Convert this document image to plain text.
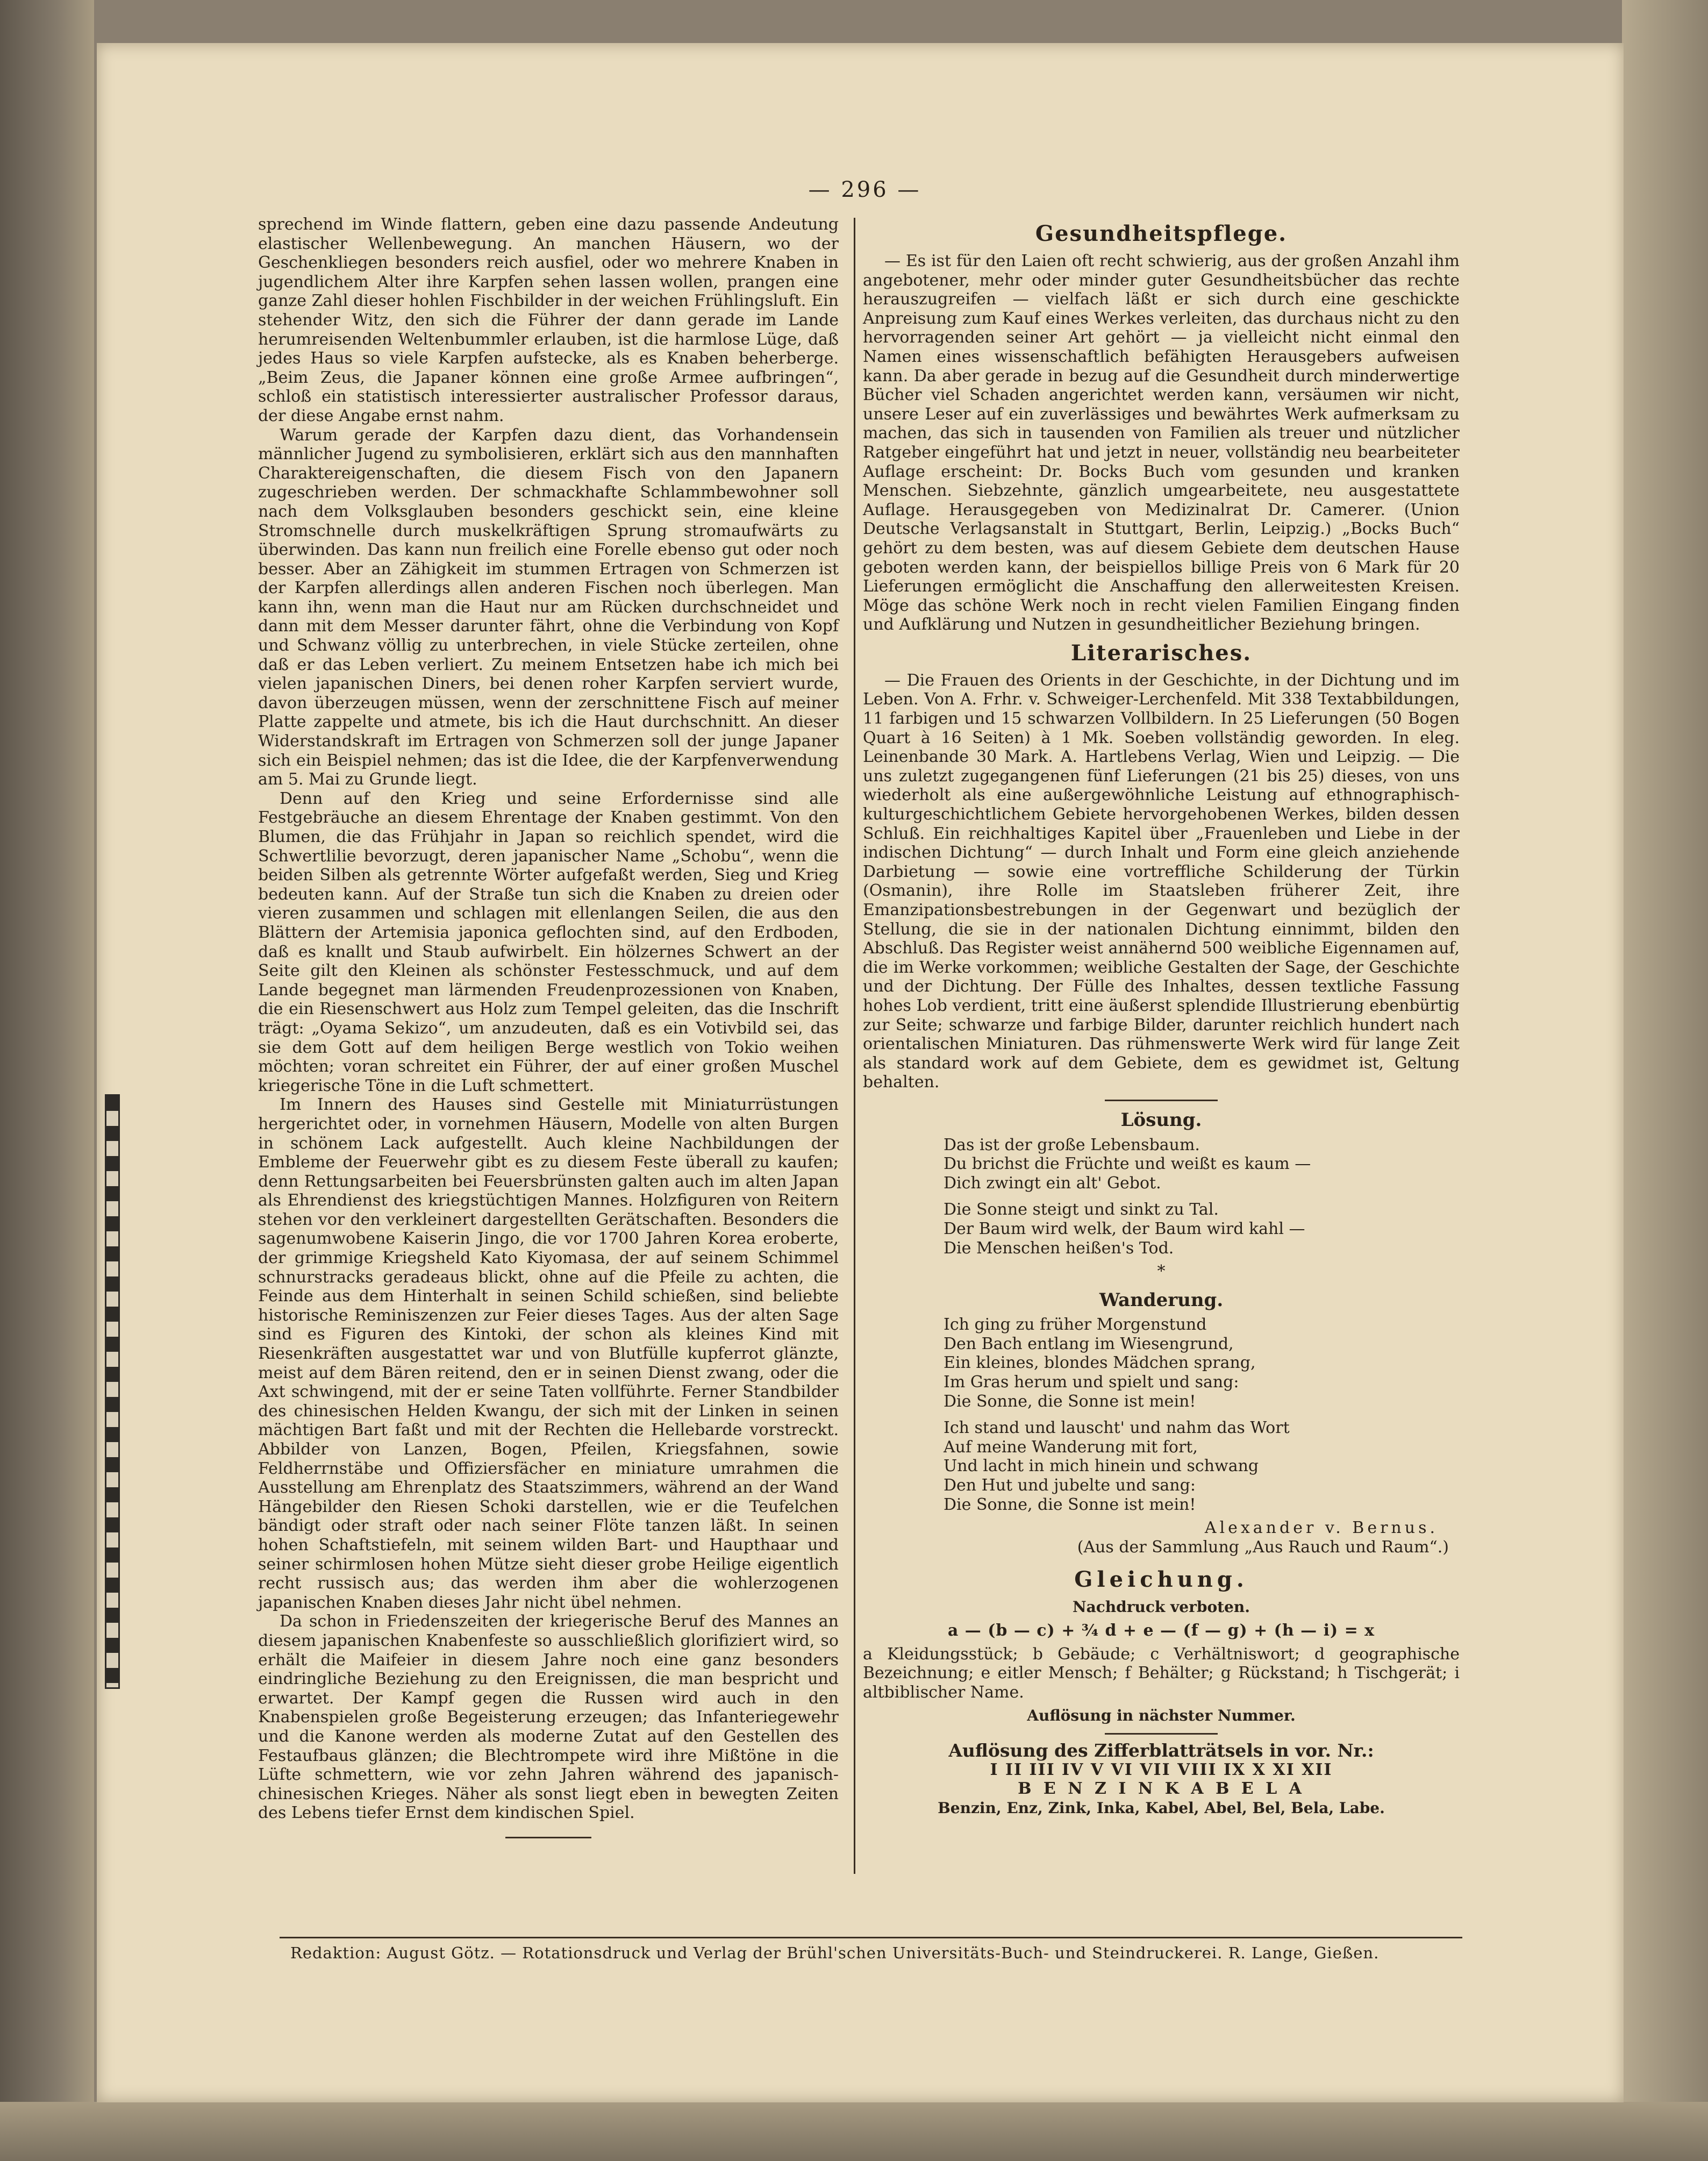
— 296 —

sprechend im Winde flattern, geben eine dazu passende Andeutung elastischer Wellenbewegung. An manchen Häusern, wo der Geschenkliegen besonders reich ausfiel, oder wo mehrere Knaben in jugendlichem Alter ihre Karpfen sehen lassen wollen, prangen eine ganze Zahl dieser hohlen Fischbilder in der weichen Frühlingsluft. Ein stehender Witz, den sich die Führer der dann gerade im Lande herumreisenden Weltenbummler erlauben, ist die harmlose Lüge, daß jedes Haus so viele Karpfen aufstecke, als es Knaben beherberge. „Beim Zeus, die Japaner können eine große Armee aufbringen“, schloß ein statistisch interessierter australischer Professor daraus, der diese Angabe ernst nahm.

Warum gerade der Karpfen dazu dient, das Vorhandensein männlicher Jugend zu symbolisieren, erklärt sich aus den mannhaften Charaktereigenschaften, die diesem Fisch von den Japanern zugeschrieben werden. Der schmackhafte Schlammbewohner soll nach dem Volksglauben besonders geschickt sein, eine kleine Stromschnelle durch muskelkräftigen Sprung stromaufwärts zu überwinden. Das kann nun freilich eine Forelle ebenso gut oder noch besser. Aber an Zähigkeit im stummen Ertragen von Schmerzen ist der Karpfen allerdings allen anderen Fischen noch überlegen. Man kann ihn, wenn man die Haut nur am Rücken durchschneidet und dann mit dem Messer darunter fährt, ohne die Verbindung von Kopf und Schwanz völlig zu unterbrechen, in viele Stücke zerteilen, ohne daß er das Leben verliert. Zu meinem Entsetzen habe ich mich bei vielen japanischen Diners, bei denen roher Karpfen serviert wurde, davon überzeugen müssen, wenn der zerschnittene Fisch auf meiner Platte zappelte und atmete, bis ich die Haut durchschnitt. An dieser Widerstandskraft im Ertragen von Schmerzen soll der junge Japaner sich ein Beispiel nehmen; das ist die Idee, die der Karpfenverwendung am 5. Mai zu Grunde liegt.

Denn auf den Krieg und seine Erfordernisse sind alle Festgebräuche an diesem Ehrentage der Knaben gestimmt. Von den Blumen, die das Frühjahr in Japan so reichlich spendet, wird die Schwertlilie bevorzugt, deren japanischer Name „Schobu“, wenn die beiden Silben als getrennte Wörter aufgefaßt werden, Sieg und Krieg bedeuten kann. Auf der Straße tun sich die Knaben zu dreien oder vieren zusammen und schlagen mit ellenlangen Seilen, die aus den Blättern der Artemisia japonica geflochten sind, auf den Erdboden, daß es knallt und Staub aufwirbelt. Ein hölzernes Schwert an der Seite gilt den Kleinen als schönster Festesschmuck, und auf dem Lande begegnet man lärmenden Freudenprozessionen von Knaben, die ein Riesenschwert aus Holz zum Tempel geleiten, das die Inschrift trägt: „Oyama Sekizo“, um anzudeuten, daß es ein Votivbild sei, das sie dem Gott auf dem heiligen Berge westlich von Tokio weihen möchten; voran schreitet ein Führer, der auf einer großen Muschel kriegerische Töne in die Luft schmettert.

Im Innern des Hauses sind Gestelle mit Miniaturrüstungen hergerichtet oder, in vornehmen Häusern, Modelle von alten Burgen in schönem Lack aufgestellt. Auch kleine Nachbildungen der Embleme der Feuerwehr gibt es zu diesem Feste überall zu kaufen; denn Rettungsarbeiten bei Feuersbrünsten galten auch im alten Japan als Ehrendienst des kriegstüchtigen Mannes. Holzfiguren von Reitern stehen vor den verkleinert dargestellten Gerätschaften. Besonders die sagenumwobene Kaiserin Jingo, die vor 1700 Jahren Korea eroberte, der grimmige Kriegsheld Kato Kiyomasa, der auf seinem Schimmel schnurstracks geradeaus blickt, ohne auf die Pfeile zu achten, die Feinde aus dem Hinterhalt in seinen Schild schießen, sind beliebte historische Reminiszenzen zur Feier dieses Tages. Aus der alten Sage sind es Figuren des Kintoki, der schon als kleines Kind mit Riesenkräften ausgestattet war und von Blutfülle kupferrot glänzte, meist auf dem Bären reitend, den er in seinen Dienst zwang, oder die Axt schwingend, mit der er seine Taten vollführte. Ferner Standbilder des chinesischen Helden Kwangu, der sich mit der Linken in seinen mächtigen Bart faßt und mit der Rechten die Hellebarde vorstreckt. Abbilder von Lanzen, Bogen, Pfeilen, Kriegsfahnen, sowie Feldherrnstäbe und Offiziersfächer en miniature umrahmen die Ausstellung am Ehrenplatz des Staatszimmers, während an der Wand Hängebilder den Riesen Schoki darstellen, wie er die Teufelchen bändigt oder straft oder nach seiner Flöte tanzen läßt. In seinen hohen Schaftstiefeln, mit seinem wilden Bart- und Haupthaar und seiner schirmlosen hohen Mütze sieht dieser grobe Heilige eigentlich recht russisch aus; das werden ihm aber die wohlerzogenen japanischen Knaben dieses Jahr nicht übel nehmen.

Da schon in Friedenszeiten der kriegerische Beruf des Mannes an diesem japanischen Knabenfeste so ausschließlich glorifiziert wird, so erhält die Maifeier in diesem Jahre noch eine ganz besonders eindringliche Beziehung zu den Ereignissen, die man bespricht und erwartet. Der Kampf gegen die Russen wird auch in den Knabenspielen große Begeisterung erzeugen; das Infanteriegewehr und die Kanone werden als moderne Zutat auf den Gestellen des Festaufbaus glänzen; die Blechtrompete wird ihre Mißtöne in die Lüfte schmettern, wie vor zehn Jahren während des japanisch-chinesischen Krieges. Näher als sonst liegt eben in bewegten Zeiten des Lebens tiefer Ernst dem kindischen Spiel.

Gesundheitspflege.

— Es ist für den Laien oft recht schwierig, aus der großen Anzahl ihm angebotener, mehr oder minder guter Gesundheitsbücher das rechte herauszugreifen — vielfach läßt er sich durch eine geschickte Anpreisung zum Kauf eines Werkes verleiten, das durchaus nicht zu den hervorragenden seiner Art gehört — ja vielleicht nicht einmal den Namen eines wissenschaftlich befähigten Herausgebers aufweisen kann. Da aber gerade in bezug auf die Gesundheit durch minderwertige Bücher viel Schaden angerichtet werden kann, versäumen wir nicht, unsere Leser auf ein zuverlässiges und bewährtes Werk aufmerksam zu machen, das sich in tausenden von Familien als treuer und nützlicher Ratgeber eingeführt hat und jetzt in neuer, vollständig neu bearbeiteter Auflage erscheint: Dr. Bocks Buch vom gesunden und kranken Menschen. Siebzehnte, gänzlich umgearbeitete, neu ausgestattete Auflage. Herausgegeben von Medizinalrat Dr. Camerer. (Union Deutsche Verlagsanstalt in Stuttgart, Berlin, Leipzig.) „Bocks Buch“ gehört zu dem besten, was auf diesem Gebiete dem deutschen Hause geboten werden kann, der beispiellos billige Preis von 6 Mark für 20 Lieferungen ermöglicht die Anschaffung den allerweitesten Kreisen. Möge das schöne Werk noch in recht vielen Familien Eingang finden und Aufklärung und Nutzen in gesundheitlicher Beziehung bringen.

Literarisches.

— Die Frauen des Orients in der Geschichte, in der Dichtung und im Leben. Von A. Frhr. v. Schweiger-Lerchenfeld. Mit 338 Textabbildungen, 11 farbigen und 15 schwarzen Vollbildern. In 25 Lieferungen (50 Bogen Quart à 16 Seiten) à 1 Mk. Soeben vollständig geworden. In eleg. Leinenbande 30 Mark. A. Hartlebens Verlag, Wien und Leipzig. — Die uns zuletzt zugegangenen fünf Lieferungen (21 bis 25) dieses, von uns wiederholt als eine außergewöhnliche Leistung auf ethnographisch-kulturgeschichtlichem Gebiete hervorgehobenen Werkes, bilden dessen Schluß. Ein reichhaltiges Kapitel über „Frauenleben und Liebe in der indischen Dichtung“ — durch Inhalt und Form eine gleich anziehende Darbietung — sowie eine vortreffliche Schilderung der Türkin (Osmanin), ihre Rolle im Staatsleben früherer Zeit, ihre Emanzipationsbestrebungen in der Gegenwart und bezüglich der Stellung, die sie in der nationalen Dichtung einnimmt, bilden den Abschluß. Das Register weist annähernd 500 weibliche Eigennamen auf, die im Werke vorkommen; weibliche Gestalten der Sage, der Geschichte und der Dichtung. Der Fülle des Inhaltes, dessen textliche Fassung hohes Lob verdient, tritt eine äußerst splendide Illustrierung ebenbürtig zur Seite; schwarze und farbige Bilder, darunter reichlich hundert nach orientalischen Miniaturen. Das rühmenswerte Werk wird für lange Zeit als standard work auf dem Gebiete, dem es gewidmet ist, Geltung behalten.

Lösung.
Das ist der große Lebensbaum.
Du brichst die Früchte und weißt es kaum —
Dich zwingt ein alt' Gebot.
Die Sonne steigt und sinkt zu Tal.
Der Baum wird welk, der Baum wird kahl —
Die Menschen heißen's Tod.
*
Wanderung.
Ich ging zu früher Morgenstund
Den Bach entlang im Wiesengrund,
Ein kleines, blondes Mädchen sprang,
Im Gras herum und spielt und sang:
Die Sonne, die Sonne ist mein!
Ich stand und lauscht' und nahm das Wort
Auf meine Wanderung mit fort,
Und lacht in mich hinein und schwang
Den Hut und jubelte und sang:
Die Sonne, die Sonne ist mein!
Alexander v. Bernus.
(Aus der Sammlung „Aus Rauch und Raum“.)
Gleichung.
Nachdruck verboten.
a — (b — c) + ¾ d + e — (f — g) + (h — i) = x

a Kleidungsstück; b Gebäude; c Verhältniswort; d geographische Bezeichnung; e eitler Mensch; f Behälter; g Rückstand; h Tischgerät; i altbiblischer Name.

Auflösung in nächster Nummer.
Auflösung des Zifferblatträtsels in vor. Nr.:
I II III IV V VI VII VIII IX X XI XII
B E N Z I N K A B E L A
Benzin, Enz, Zink, Inka, Kabel, Abel, Bel, Bela, Labe.
Redaktion: August Götz. — Rotationsdruck und Verlag der Brühl'schen Universitäts-Buch- und Steindruckerei. R. Lange, Gießen.
